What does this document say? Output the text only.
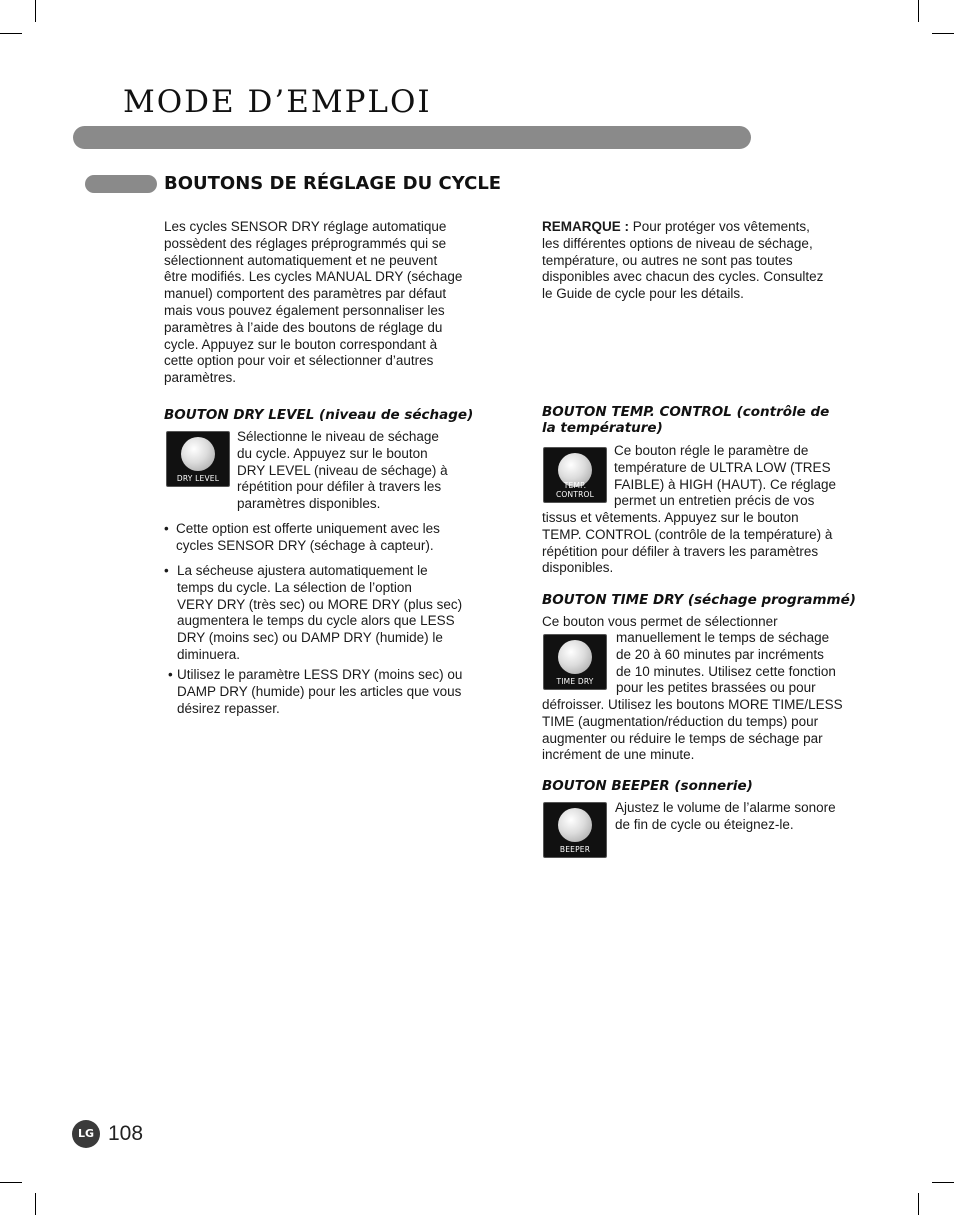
MODE D’EMPLOI
BOUTONS DE RÉGLAGE DU CYCLE

Les cycles SENSOR DRY réglage automatique
possèdent des réglages préprogrammés qui se
sélectionnent automatiquement et ne peuvent
être modifiés. Les cycles MANUAL DRY (séchage
manuel) comportent des paramètres par défaut
mais vous pouvez également personnaliser les
paramètres à l’aide des boutons de réglage du
cycle. Appuyez sur le bouton correspondant à
cette option pour voir et sélectionner d’autres
paramètres.

REMARQUE : Pour protéger vos vêtements,
les différentes options de niveau de séchage,
température, ou autres ne sont pas toutes
disponibles avec chacun des cycles. Consultez
le Guide de cycle pour les détails.

BOUTON DRY LEVEL (niveau de séchage)
DRY LEVEL

Sélectionne le niveau de séchage
du cycle. Appuyez sur le bouton
DRY LEVEL (niveau de séchage) à
répétition pour défiler à travers les
paramètres disponibles.

• Cette option est offerte uniquement avec les
cycles SENSOR DRY (séchage à capteur).
• La sécheuse ajustera automatiquement le
temps du cycle. La sélection de l’option
VERY DRY (très sec) ou MORE DRY (plus sec)
augmentera le temps du cycle alors que LESS
DRY (moins sec) ou DAMP DRY (humide) le
diminuera.
• Utilisez le paramètre LESS DRY (moins sec) ou
DAMP DRY (humide) pour les articles que vous
désirez repasser.
BOUTON TEMP. CONTROL (contrôle de
la température)
TEMP. CONTROL

Ce bouton régle le paramètre de
température de ULTRA LOW (TRES
FAIBLE) à HIGH (HAUT). Ce réglage
permet un entretien précis de vos

tissus et vêtements. Appuyez sur le bouton
TEMP. CONTROL (contrôle de la température) à
répétition pour défiler à travers les paramètres
disponibles.

BOUTON TIME DRY (séchage programmé)

Ce bouton vous permet de sélectionner

TIME DRY

manuellement le temps de séchage
de 20 à 60 minutes par incréments
de 10 minutes. Utilisez cette fonction
pour les petites brassées ou pour

défroisser. Utilisez les boutons MORE TIME/LESS
TIME (augmentation/réduction du temps) pour
augmenter ou réduire le temps de séchage par
incrément de une minute.

BOUTON BEEPER (sonnerie)
BEEPER

Ajustez le volume de l’alarme sonore
de fin de cycle ou éteignez-le.

LG 108
